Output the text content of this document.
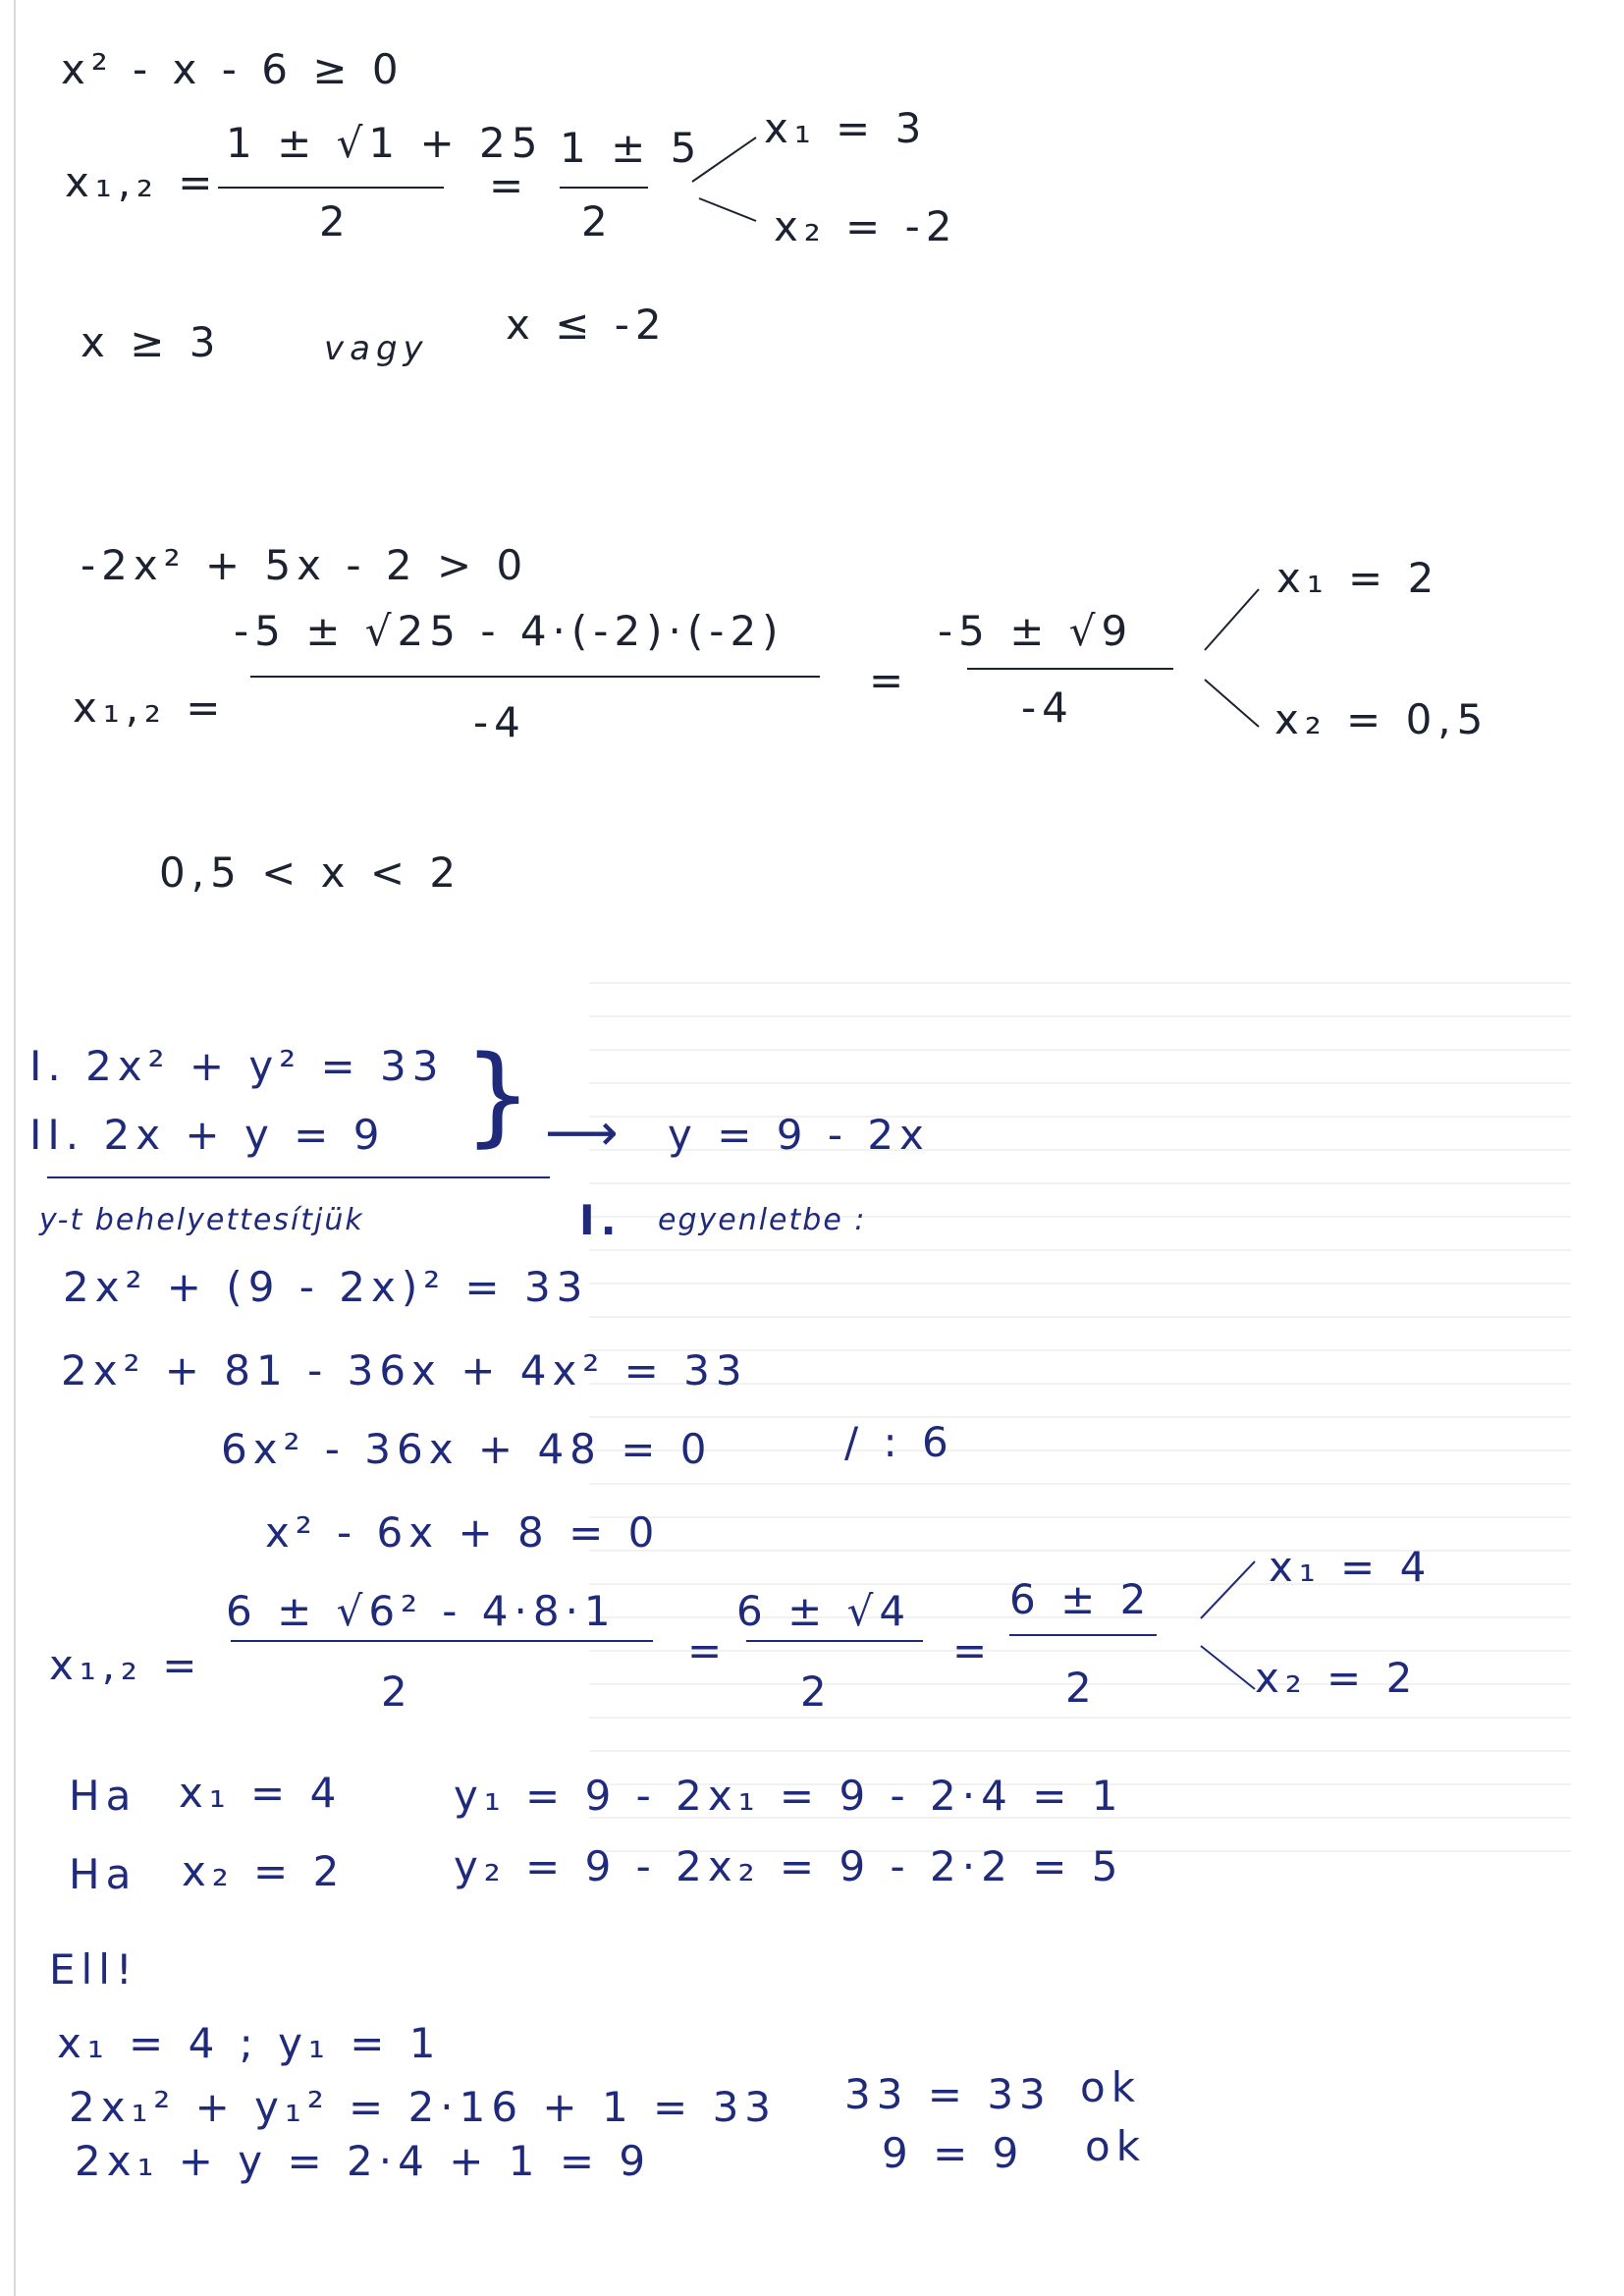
x² - x - 6 ≥ 0
x₁,₂ =
1 ± √1 + 25
2
=
1 ± 5
2
x₁ = 3
x₂ = -2
x ≥ 3	vagy x ≤ -2
-2x² + 5x - 2 > 0
x₁,₂ =
-5 ± √25 - 4·(-2)·(-2)
-4
=
-5 ± √9
-4
x₁ = 2
x₂ = 0,5
0,5 < x < 2
I. 2x² + y² = 33
II. 2x + y = 9 } ⟶ y = 9 - 2x
y-t behelyettesítjük	I. egyenletbe :
2x² + (9 - 2x)² = 33
2x² + 81 - 36x + 4x² = 33
6x² - 36x + 48 = 0	/ : 6
x² - 6x + 8 = 0
x₁,₂ =
6 ± √6² - 4·8·1
2
=
6 ± √4
2
=
6 ± 2
2
x₁ = 4
x₂ = 2
Ha x₁ = 4	y₁ = 9 - 2x₁ = 9 - 2·4 = 1
Ha x₂ = 2	y₂ = 9 - 2x₂ = 9 - 2·2 = 5
Ell!
x₁ = 4 ; y₁ = 1
2x₁² + y₁² = 2·16 + 1 = 33 33 = 33 ok
2x₁ + y = 2·4 + 1 = 9	9 = 9 ok
